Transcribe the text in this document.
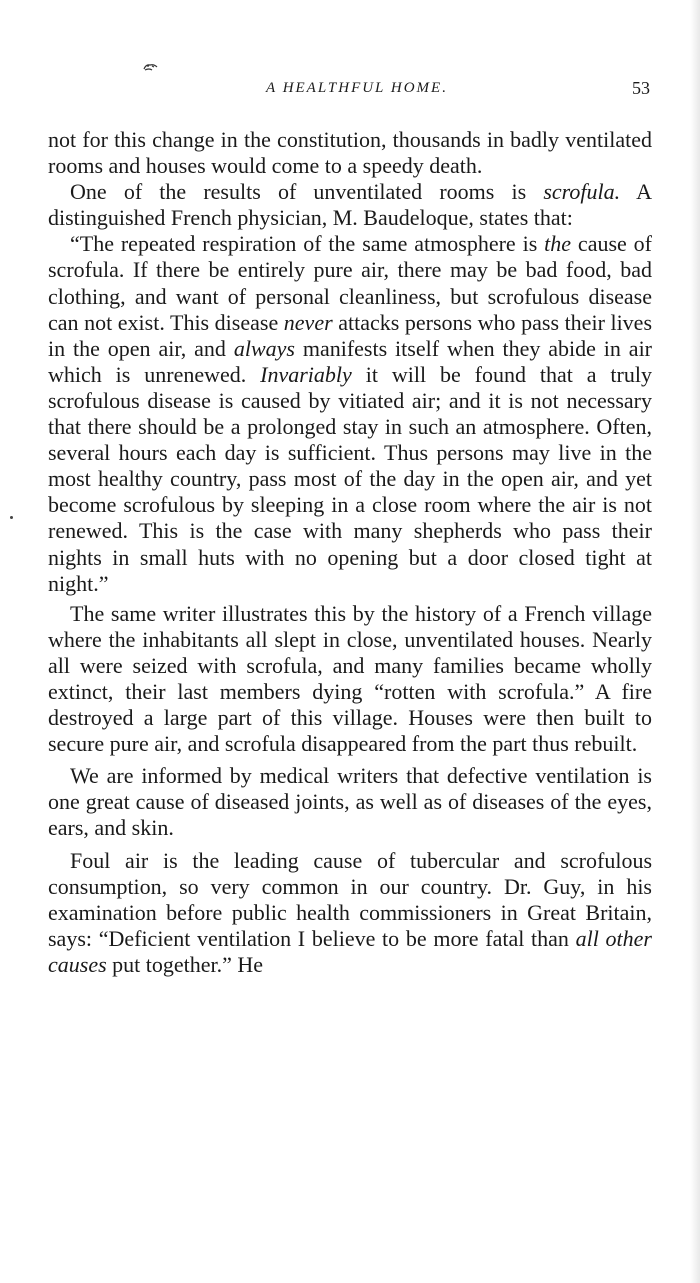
A HEALTHFUL HOME.	53

not for this change in the constitution, thousands in badly ventilated rooms and houses would come to a speedy death.

One of the results of unventilated rooms is scrofula. A distinguished French physician, M. Baudeloque, states that:

“The repeated respiration of the same atmosphere is the cause of scrofula. If there be entirely pure air, there may be bad food, bad clothing, and want of personal cleanliness, but scrofulous disease can not exist. This disease never attacks persons who pass their lives in the open air, and always manifests itself when they abide in air which is unrenewed. Invariably it will be found that a truly scrofulous disease is caused by vitiated air; and it is not necessary that there should be a prolonged stay in such an atmosphere. Often, several hours each day is sufficient. Thus persons may live in the most healthy country, pass most of the day in the open air, and yet become scrofulous by sleeping in a close room where the air is not renewed. This is the case with many shepherds who pass their nights in small huts with no opening but a door closed tight at night.”

The same writer illustrates this by the history of a French village where the inhabitants all slept in close, unventilated houses. Nearly all were seized with scrofula, and many families became wholly extinct, their last members dying “rotten with scrofula.” A fire destroyed a large part of this village. Houses were then built to secure pure air, and scrofula disappeared from the part thus rebuilt.

We are informed by medical writers that defective ventilation is one great cause of diseased joints, as well as of diseases of the eyes, ears, and skin.

Foul air is the leading cause of tubercular and scrofulous consumption, so very common in our country. Dr. Guy, in his examination before public health commissioners in Great Britain, says: “Deficient ventilation I believe to be more fatal than all other causes put together.” He
